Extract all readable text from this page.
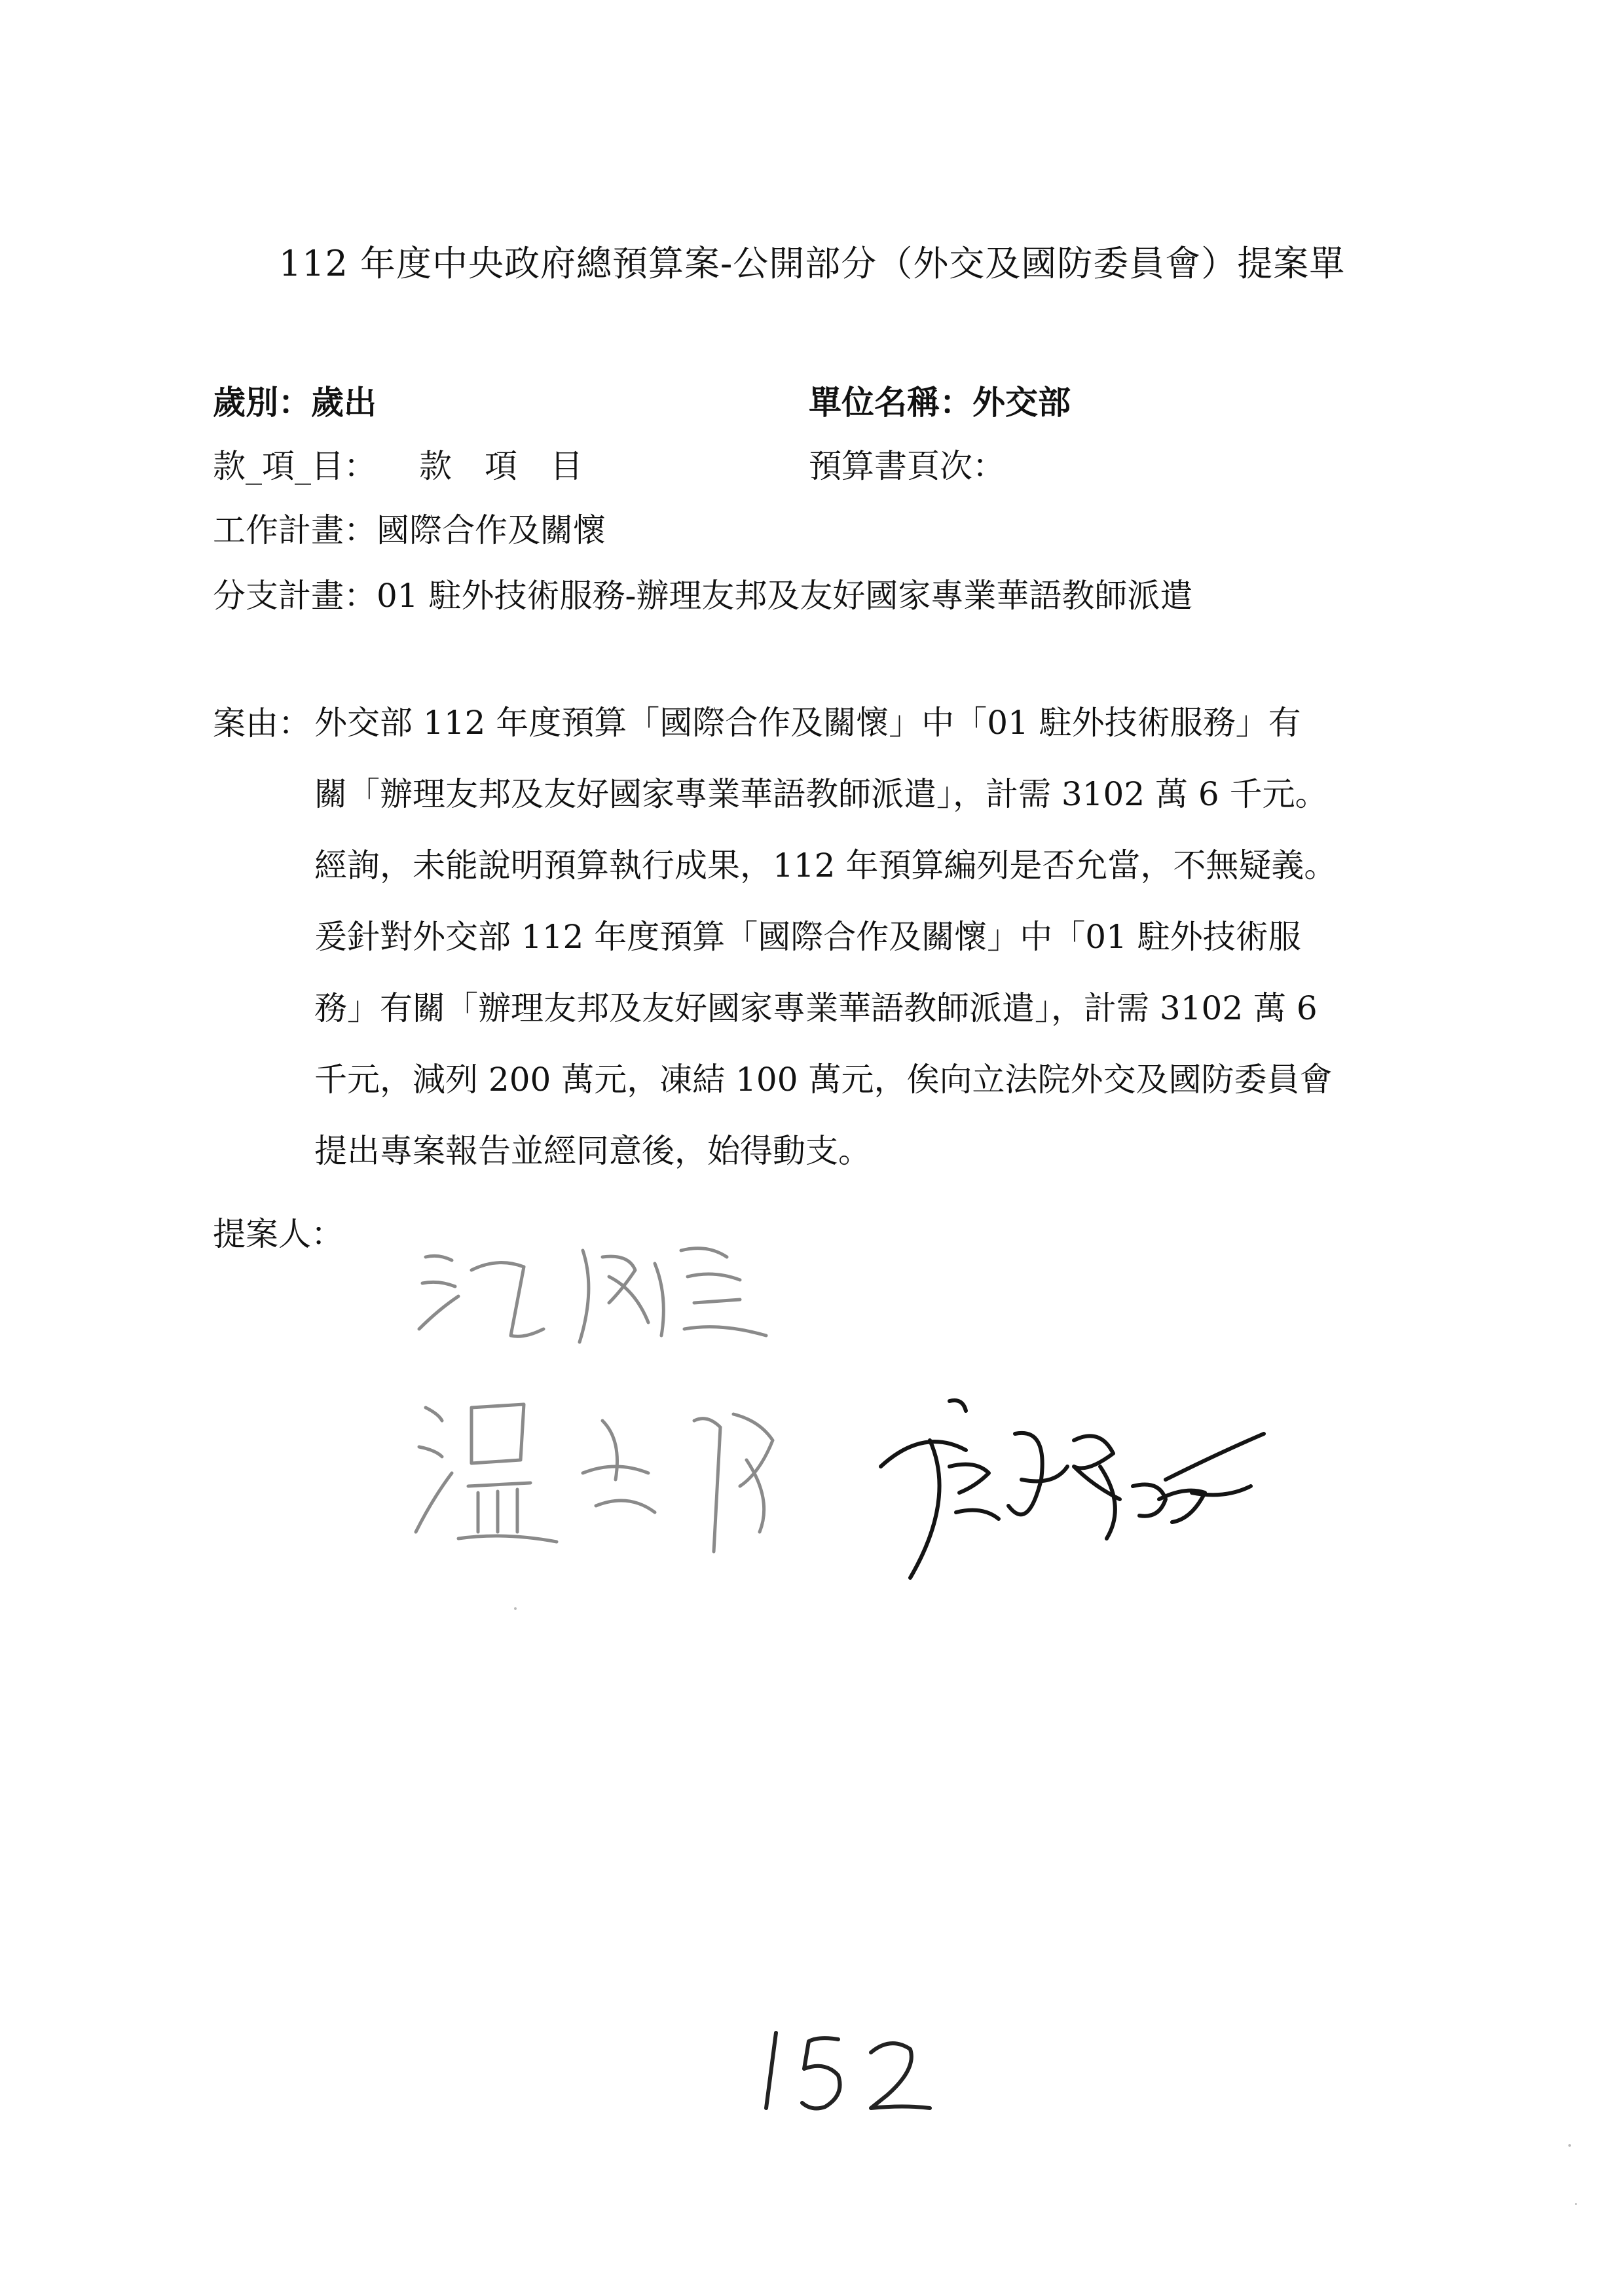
112 年度中央政府總預算案-公開部分（外交及國防委員會）提案單
歲別：歲出	單位名稱：外交部
款_項_目： 款　項　目	預算書頁次：
工作計畫：國際合作及關懷
分支計畫：01 駐外技術服務-辦理友邦及友好國家專業華語教師派遣
案由： 外交部 112 年度預算「國際合作及關懷」中「01 駐外技術服務」有
關「辦理友邦及友好國家專業華語教師派遣」，計需 3102 萬 6 千元。
經詢，未能說明預算執行成果，112 年預算編列是否允當，不無疑義。
爰針對外交部 112 年度預算「國際合作及關懷」中「01 駐外技術服
務」有關「辦理友邦及友好國家專業華語教師派遣」，計需 3102 萬 6
千元，減列 200 萬元，凍結 100 萬元，俟向立法院外交及國防委員會
提出專案報告並經同意後，始得動支。
提案人：
